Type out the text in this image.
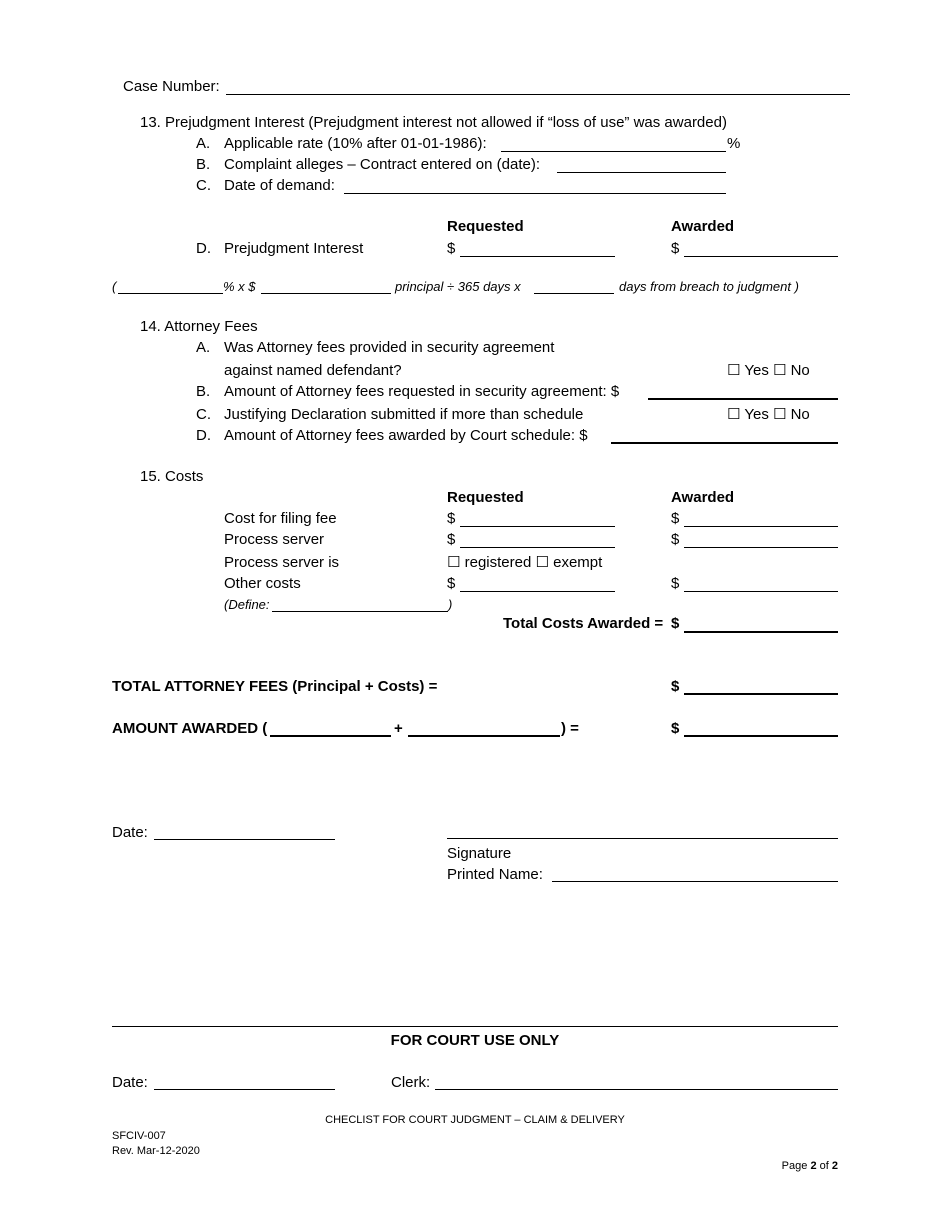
Case Number:
13. Prejudgment Interest (Prejudgment interest not allowed if “loss of use” was awarded)
A. Applicable rate (10% after 01-01-1986):	%
B. Complaint alleges – Contract entered on (date):
C. Date of demand:
Requested	Awarded
D. Prejudgment Interest	$	$
(	% x $	principal ÷ 365 days x	days from breach to judgment )
14. Attorney Fees
A. Was Attorney fees provided in security agreement
against named defendant?	☐ Yes ☐ No
B. Amount of Attorney fees requested in security agreement: $
C. Justifying Declaration submitted if more than schedule	☐ Yes ☐ No
D. Amount of Attorney fees awarded by Court schedule: $
15. Costs
Requested	Awarded
Cost for filing fee	$	$
Process server	$	$
Process server is	☐ registered ☐ exempt
Other costs	$	$
(Define:	)
Total Costs Awarded = $
TOTAL ATTORNEY FEES (Principal + Costs) =	$
AMOUNT AWARDED (	+	) =	$
Date:
Signature
Printed Name:
FOR COURT USE ONLY
Date:	Clerk:
CHECLIST FOR COURT JUDGMENT – CLAIM & DELIVERY
SFCIV-007
Rev. Mar-12-2020
Page 2 of 2
